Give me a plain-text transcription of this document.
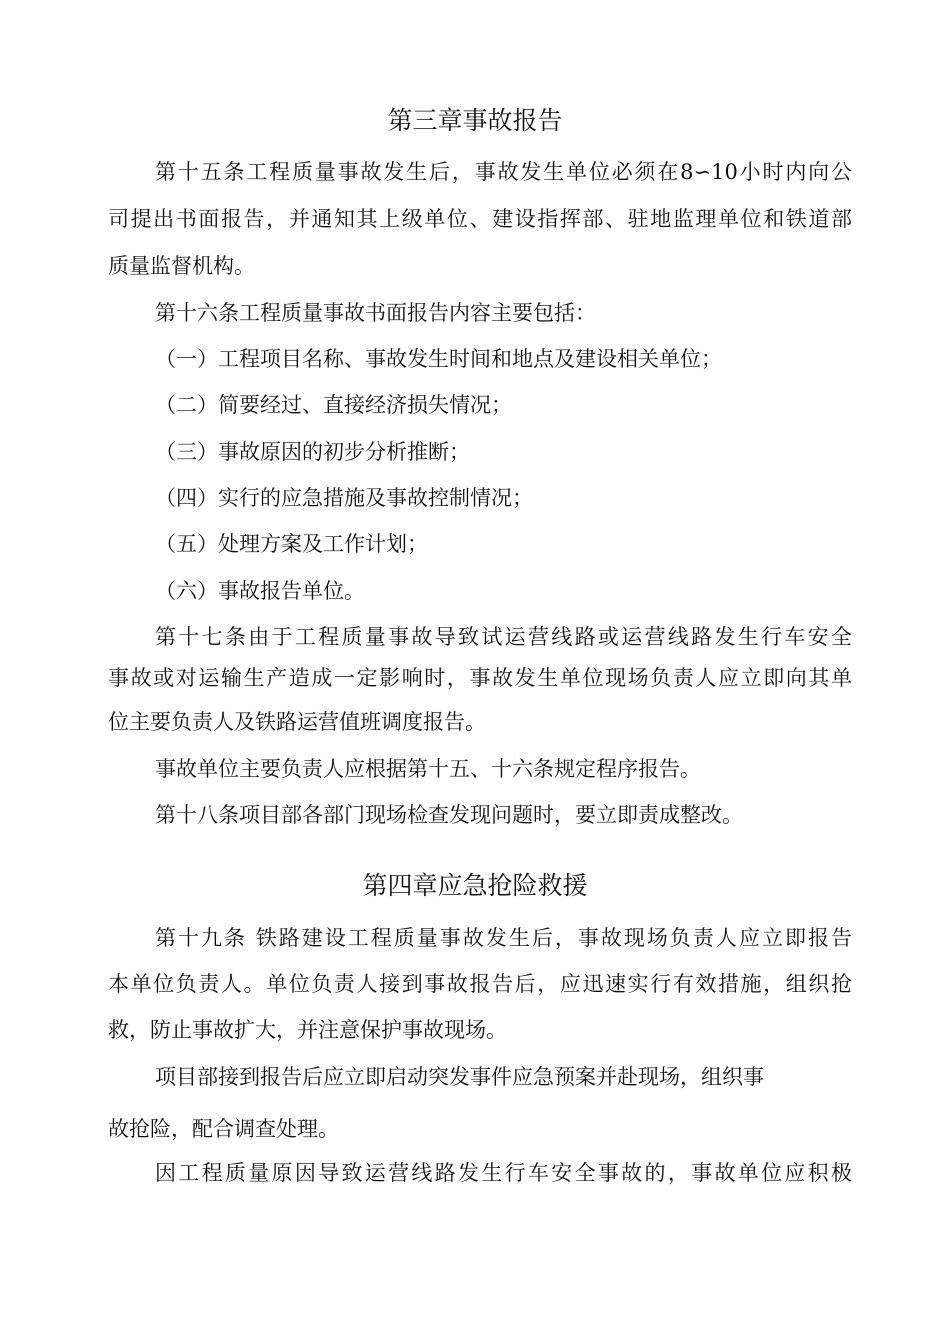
第三章事故报告
第十五条工程质量事故发生后，事故发生单位必须在8∽10小时内向公
司提出书面报告，并通知其上级单位、建设指挥部、驻地监理单位和铁道部
质量监督机构。
第十六条工程质量事故书面报告内容主要包括：
（一）工程项目名称、事故发生时间和地点及建设相关单位；
（二）简要经过、直接经济损失情况；
（三）事故原因的初步分析推断；
（四）实行的应急措施及事故控制情况；
（五）处理方案及工作计划；
（六）事故报告单位。
第十七条由于工程质量事故导致试运营线路或运营线路发生行车安全
事故或对运输生产造成一定影响时，事故发生单位现场负责人应立即向其单
位主要负责人及铁路运营值班调度报告。
事故单位主要负责人应根据第十五、十六条规定程序报告。
第十八条项目部各部门现场检查发现问题时，要立即责成整改。
第四章应急抢险救援
第十九条 铁路建设工程质量事故发生后，事故现场负责人应立即报告
本单位负责人。单位负责人接到事故报告后，应迅速实行有效措施，组织抢
救，防止事故扩大，并注意保护事故现场。
项目部接到报告后应立即启动突发事件应急预案并赴现场，组织事
故抢险，配合调查处理。
因工程质量原因导致运营线路发生行车安全事故的，事故单位应积极
